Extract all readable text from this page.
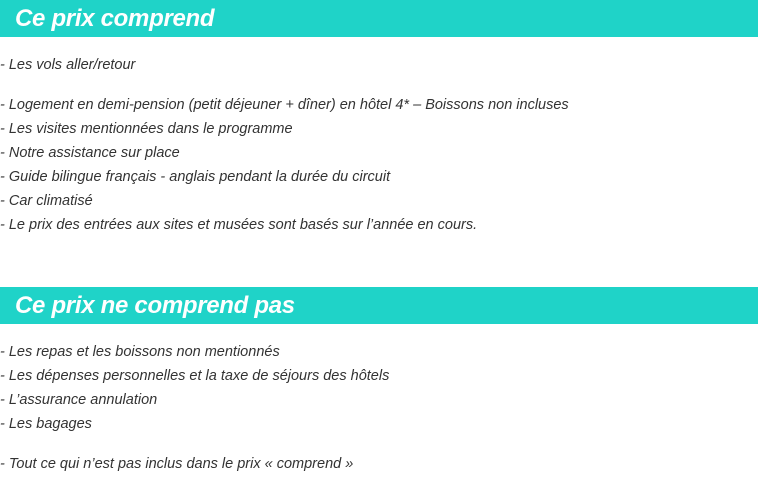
Ce prix comprend
- Les vols aller/retour
- Logement en demi-pension (petit déjeuner + dîner) en hôtel 4* – Boissons non incluses
- Les visites mentionnées dans le programme
- Notre assistance sur place
- Guide bilingue français - anglais pendant la durée du circuit
- Car climatisé
- Le prix des entrées aux sites et musées sont basés sur l’année en cours.
Ce prix ne comprend pas
- Les repas et les boissons non mentionnés
- Les dépenses personnelles et la taxe de séjours des hôtels
- L’assurance annulation
- Les bagages
- Tout ce qui n’est pas inclus dans le prix « comprend »
